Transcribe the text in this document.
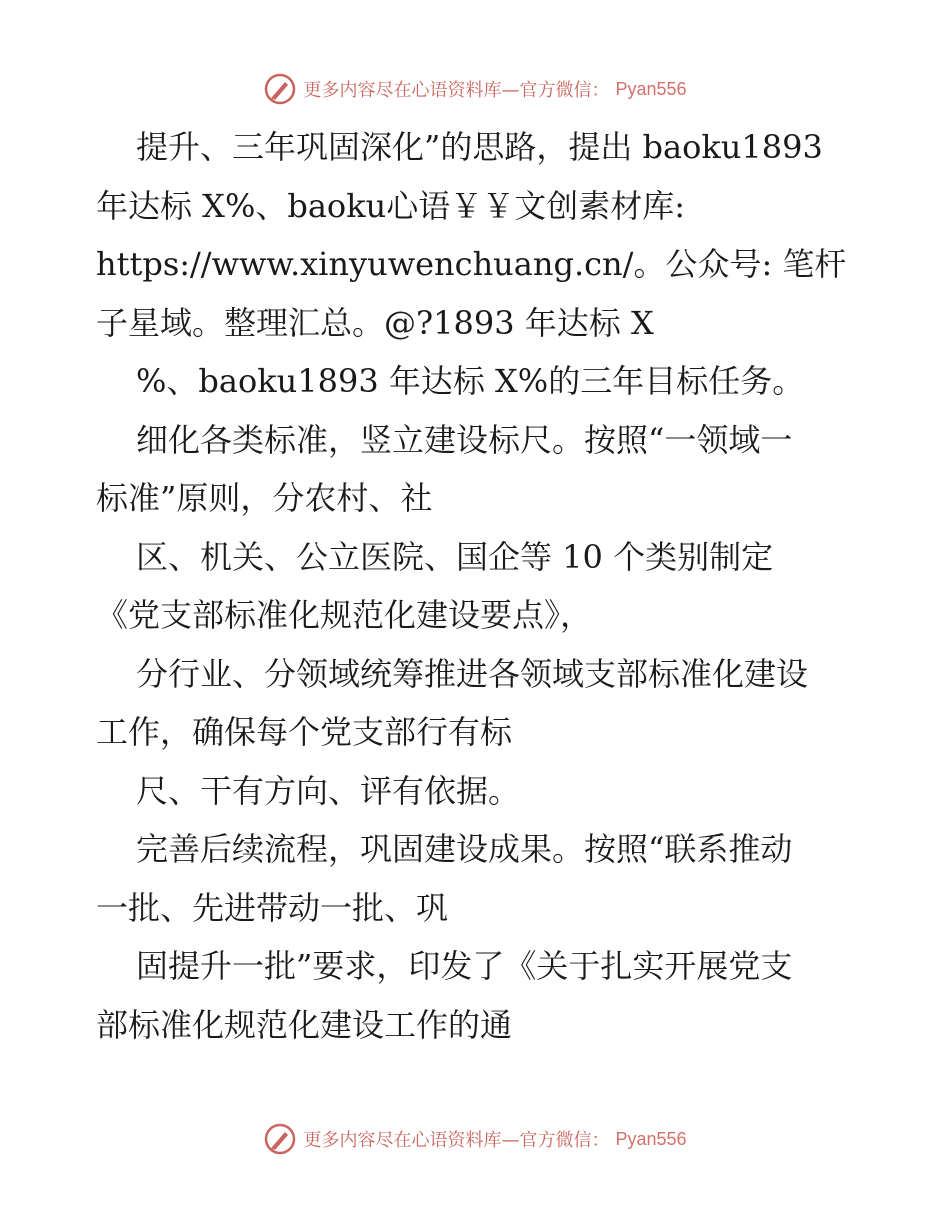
更多内容尽在心语资料库—官方微信： Pyan556
提升、三年巩固深化”的思路，提出 baoku1893
年达标 X%、baoku心语￥￥文创素材库:
https://www.xinyuwenchuang.cn/。公众号: 笔杆
子星域。整理汇总。@?1893 年达标 X
%、baoku1893 年达标 X%的三年目标任务。
细化各类标准，竖立建设标尺。按照“一领域一
标准”原则，分农村、社
区、机关、公立医院、国企等 10 个类别制定
《党支部标准化规范化建设要点》，
分行业、分领域统筹推进各领域支部标准化建设
工作，确保每个党支部行有标
尺、干有方向、评有依据。
完善后续流程，巩固建设成果。按照“联系推动
一批、先进带动一批、巩
固提升一批”要求，印发了《关于扎实开展党支
部标准化规范化建设工作的通
更多内容尽在心语资料库—官方微信： Pyan556
